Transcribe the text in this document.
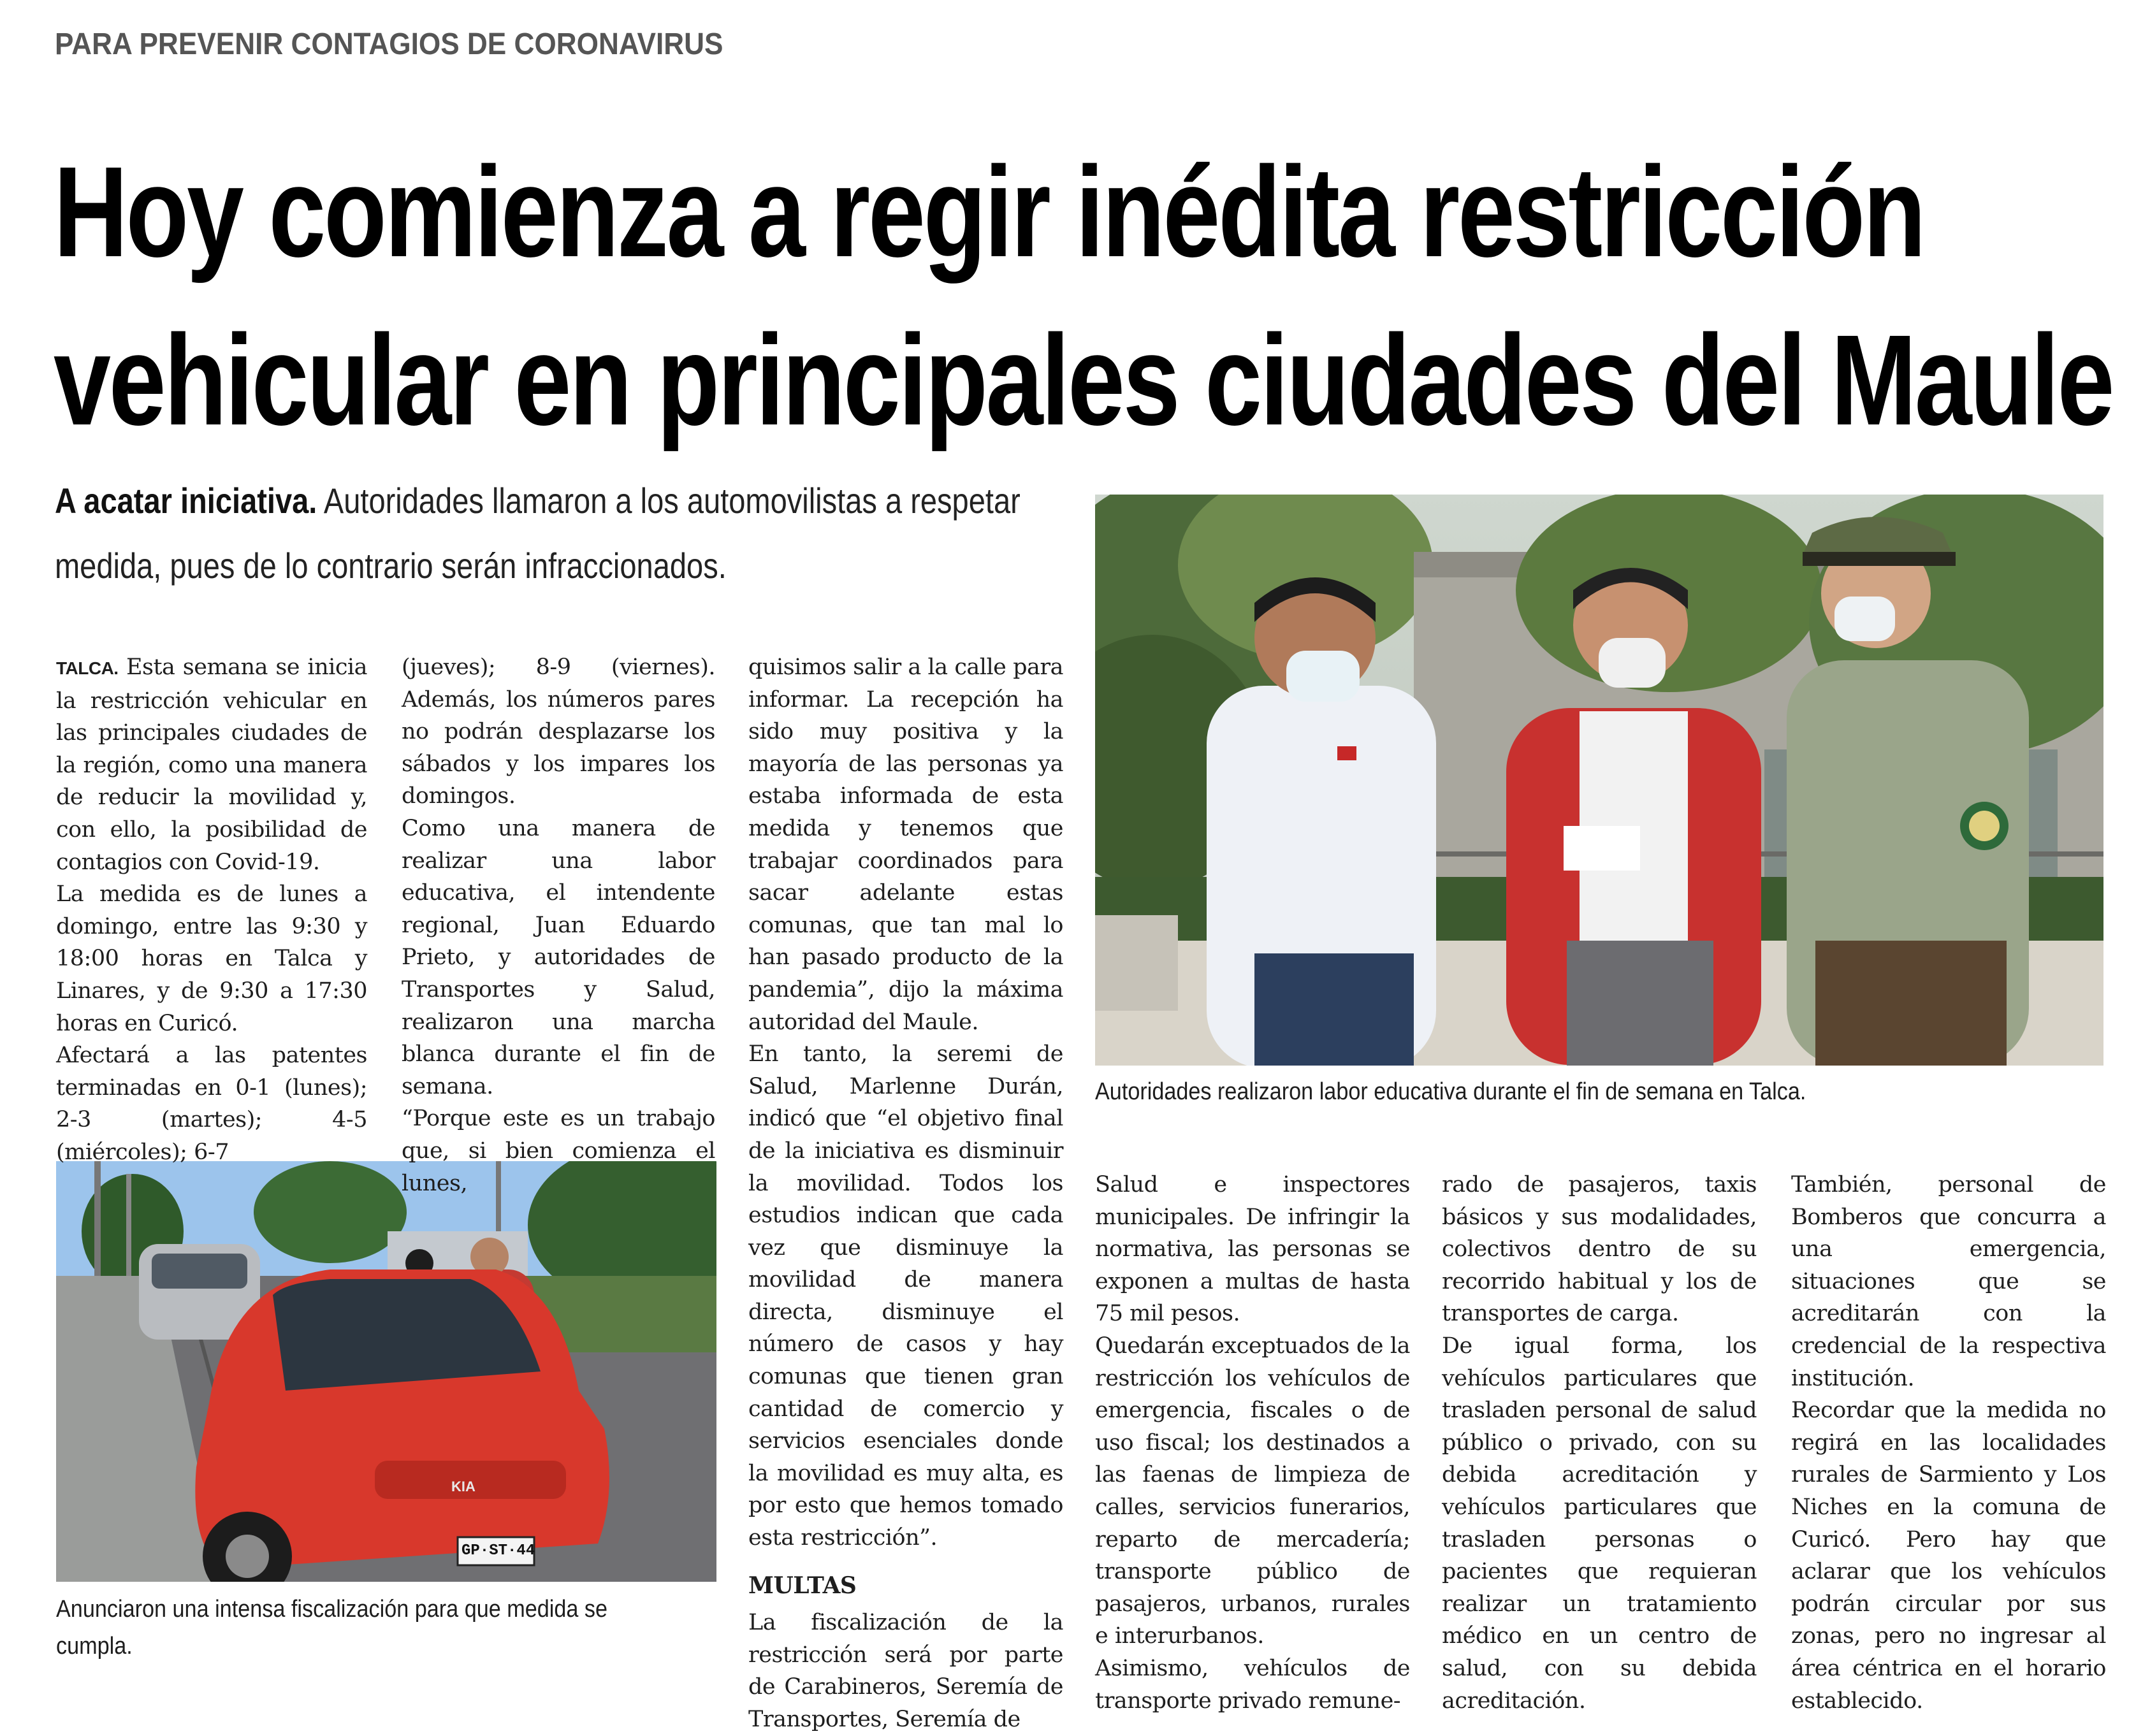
PARA PREVENIR CONTAGIOS DE CORONAVIRUS
Hoy comienza a regir inédita restricción
vehicular en principales ciudades del Maule
A acatar iniciativa. Autoridades llamaron a los automovilistas a respetar medida, pues de lo contrario serán infraccionados.
Autoridades realizaron labor educativa durante el fin de semana en Talca.
KIA
GP·ST·44
Anunciaron una intensa fiscalización para que medida se cumpla.

TALCA. Esta semana se inicia la restricción vehicular en las principales ciudades de la región, como una manera de reducir la movilidad y, con ello, la posibilidad de contagios con Covid-19.

La medida es de lunes a domingo, entre las 9:30 y 18:00 horas en Talca y Linares, y de 9:30 a 17:30 horas en Curicó.

Afectará a las patentes terminadas en 0-1 (lunes); 2-3 (martes); 4-5 (miércoles); 6-7

(jueves); 8-9 (viernes). Además, los números pares no podrán desplazarse los sábados y los impares los domingos.

Como una manera de realizar una labor educativa, el intendente regional, Juan Eduardo Prieto, y autoridades de Transportes y Salud, realizaron una marcha blanca durante el fin de semana.

“Porque este es un trabajo que, si bien comienza el lunes,

quisimos salir a la calle para informar. La recepción ha sido muy positiva y la mayoría de las personas ya estaba informada de esta medida y tenemos que trabajar coordinados para sacar adelante estas comunas, que tan mal lo han pasado producto de la pandemia”, dijo la máxima autoridad del Maule.

En tanto, la seremi de Salud, Marlenne Durán, indicó que “el objetivo final de la iniciativa es disminuir la movilidad. Todos los estudios indican que cada vez que disminuye la movilidad de manera directa, disminuye el número de casos y hay comunas que tienen gran cantidad de comercio y servicios esenciales donde la movilidad es muy alta, es por esto que hemos tomado esta restricción”.

MULTAS

La fiscalización de la restricción será por parte de Carabineros, Seremía de Transportes, Seremía de

Salud e inspectores municipales. De infringir la normativa, las personas se exponen a multas de hasta 75 mil pesos.

Quedarán exceptuados de la restricción los vehículos de emergencia, fiscales o de uso fiscal; los destinados a las faenas de limpieza de calles, servicios funerarios, reparto de mercadería; transporte público de pasajeros, urbanos, rurales e interurbanos.

Asimismo, vehículos de transporte privado remune-

rado de pasajeros, taxis básicos y sus modalidades, colectivos dentro de su recorrido habitual y los de transportes de carga.

De igual forma, los vehículos particulares que trasladen personal de salud público o privado, con su debida acreditación y vehículos particulares que trasladen personas o pacientes que requieran realizar un tratamiento médico en un centro de salud, con su debida acreditación.

También, personal de Bomberos que concurra a una emergencia, situaciones que se acreditarán con la credencial de la respectiva institución.

Recordar que la medida no regirá en las localidades rurales de Sarmiento y Los Niches en la comuna de Curicó. Pero hay que aclarar que los vehículos podrán circular por sus zonas, pero no ingresar al área céntrica en el horario establecido.
